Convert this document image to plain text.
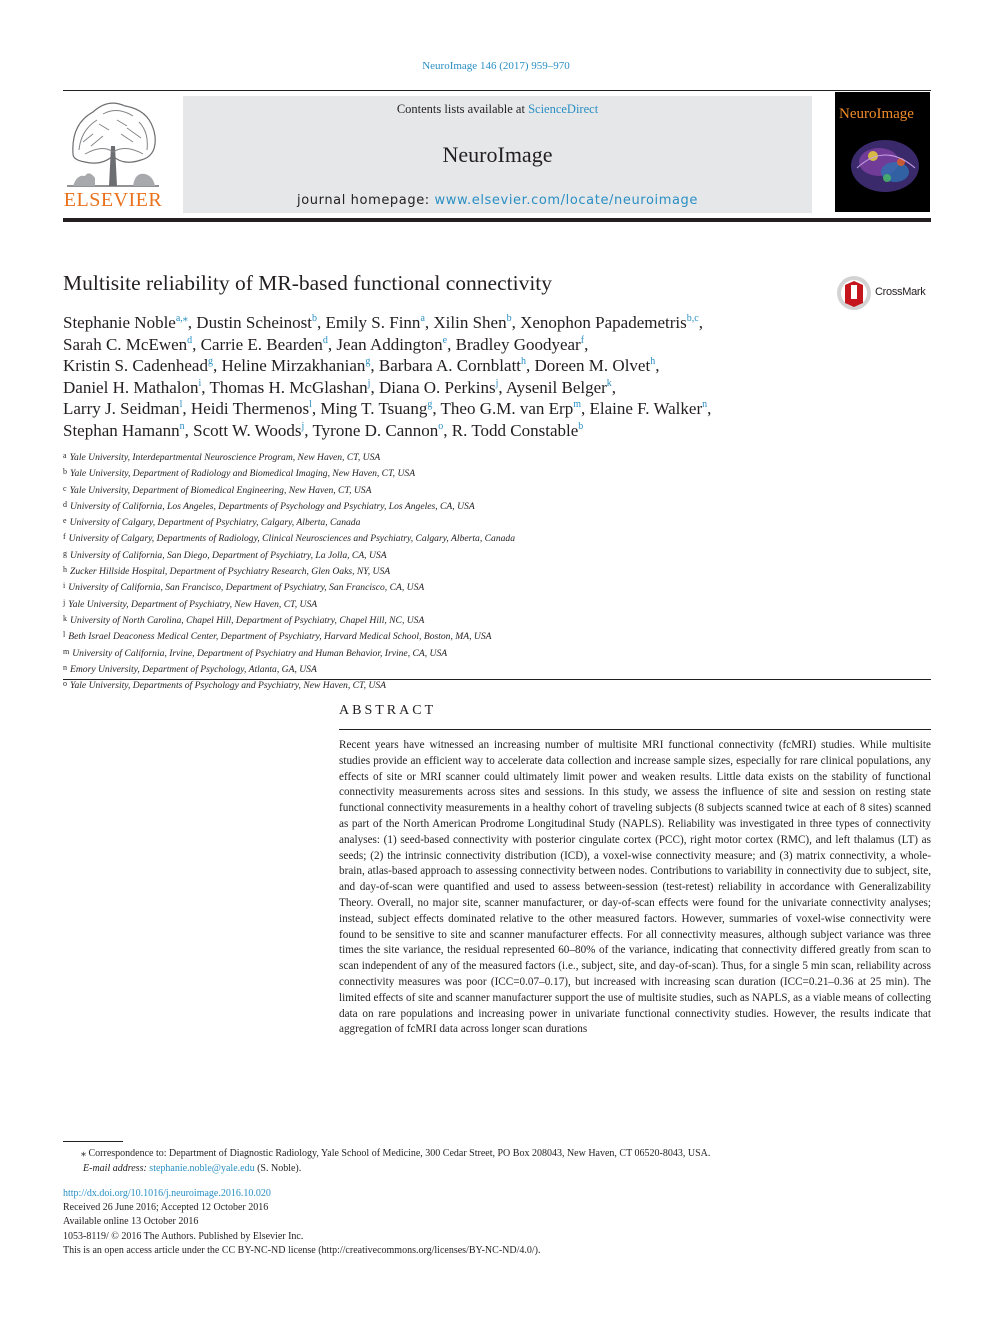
NeuroImage 146 (2017) 959–970
ELSEVIER
Contents lists available at ScienceDirect
NeuroImage
journal homepage: www.elsevier.com/locate/neuroimage
NeuroImage
Multisite reliability of MR-based functional connectivity	CrossMark
Stephanie Noble$^{a,⁎}$, Dustin Scheinost$^b$, Emily S. Finn$^a$, Xilin Shen$^b$, Xenophon Papademetris$^{b,c}$,
Sarah C. McEwen$^d$, Carrie E. Bearden$^d$, Jean Addington$^e$, Bradley Goodyear$^f$,
Kristin S. Cadenhead$^g$, Heline Mirzakhanian$^g$, Barbara A. Cornblatt$^h$, Doreen M. Olvet$^h$,
Daniel H. Mathalon$^i$, Thomas H. McGlashan$^j$, Diana O. Perkins$^j$, Aysenil Belger$^k$,
Larry J. Seidman$^l$, Heidi Thermenos$^l$, Ming T. Tsuang$^g$, Theo G.M. van Erp$^m$, Elaine F. Walker$^n$,
Stephan Hamann$^n$, Scott W. Woods$^j$, Tyrone D. Cannon$^o$, R. Todd Constable$^b$
$^a$ Yale University, Interdepartmental Neuroscience Program, New Haven, CT, USA
$^b$ Yale University, Department of Radiology and Biomedical Imaging, New Haven, CT, USA
$^c$ Yale University, Department of Biomedical Engineering, New Haven, CT, USA
$^d$ University of California, Los Angeles, Departments of Psychology and Psychiatry, Los Angeles, CA, USA
$^e$ University of Calgary, Department of Psychiatry, Calgary, Alberta, Canada
$^f$ University of Calgary, Departments of Radiology, Clinical Neurosciences and Psychiatry, Calgary, Alberta, Canada
$^g$ University of California, San Diego, Department of Psychiatry, La Jolla, CA, USA
$^h$ Zucker Hillside Hospital, Department of Psychiatry Research, Glen Oaks, NY, USA
$^i$ University of California, San Francisco, Department of Psychiatry, San Francisco, CA, USA
$^j$ Yale University, Department of Psychiatry, New Haven, CT, USA
$^k$ University of North Carolina, Chapel Hill, Department of Psychiatry, Chapel Hill, NC, USA
$^l$ Beth Israel Deaconess Medical Center, Department of Psychiatry, Harvard Medical School, Boston, MA, USA
$^m$ University of California, Irvine, Department of Psychiatry and Human Behavior, Irvine, CA, USA
$^n$ Emory University, Department of Psychology, Atlanta, GA, USA
$^o$ Yale University, Departments of Psychology and Psychiatry, New Haven, CT, USA
ABSTRACT
Recent years have witnessed an increasing number of multisite MRI functional connectivity (fcMRI) studies. While multisite studies provide an efficient way to accelerate data collection and increase sample sizes, especially for rare clinical populations, any effects of site or MRI scanner could ultimately limit power and weaken results. Little data exists on the stability of functional connectivity measurements across sites and sessions. In this study, we assess the influence of site and session on resting state functional connectivity measurements in a healthy cohort of traveling subjects (8 subjects scanned twice at each of 8 sites) scanned as part of the North American Prodrome Longitudinal Study (NAPLS). Reliability was investigated in three types of connectivity analyses: (1) seed-based connectivity with posterior cingulate cortex (PCC), right motor cortex (RMC), and left thalamus (LT) as seeds; (2) the intrinsic connectivity distribution (ICD), a voxel-wise connectivity measure; and (3) matrix connectivity, a whole-brain, atlas-based approach to assessing connectivity between nodes. Contributions to variability in connectivity due to subject, site, and day-of-scan were quantified and used to assess between-session (test-retest) reliability in accordance with Generalizability Theory. Overall, no major site, scanner manufacturer, or day-of-scan effects were found for the univariate connectivity analyses; instead, subject effects dominated relative to the other measured factors. However, summaries of voxel-wise connectivity were found to be sensitive to site and scanner manufacturer effects. For all connectivity measures, although subject variance was three times the site variance, the residual represented 60–80% of the variance, indicating that connectivity differed greatly from scan to scan independent of any of the measured factors (i.e., subject, site, and day-of-scan). Thus, for a single 5 min scan, reliability across connectivity measures was poor (ICC=0.07–0.17), but increased with increasing scan duration (ICC=0.21–0.36 at 25 min). The limited effects of site and scanner manufacturer support the use of multisite studies, such as NAPLS, as a viable means of collecting data on rare populations and increasing power in univariate functional connectivity studies. However, the results indicate that aggregation of fcMRI data across longer scan durations
⁎ Correspondence to: Department of Diagnostic Radiology, Yale School of Medicine, 300 Cedar Street, PO Box 208043, New Haven, CT 06520-8043, USA.
E-mail address: stephanie.noble@yale.edu (S. Noble).
http://dx.doi.org/10.1016/j.neuroimage.2016.10.020
Received 26 June 2016; Accepted 12 October 2016
Available online 13 October 2016
1053-8119/ © 2016 The Authors. Published by Elsevier Inc.
This is an open access article under the CC BY-NC-ND license (http://creativecommons.org/licenses/BY-NC-ND/4.0/).
